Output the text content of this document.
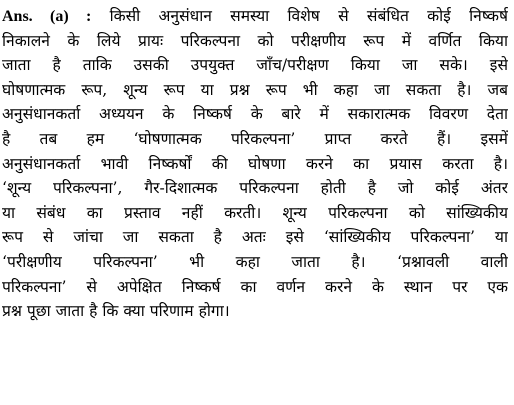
Ans. (a) : किसी अनुसंधान समस्या विशेष से संबंधित कोई निष्कर्ष
निकालने के लिये प्रायः परिकल्पना को परीक्षणीय रूप में वर्णित किया
जाता है ताकि उसकी उपयुक्त जाँच/परीक्षण किया जा सके। इसे
घोषणात्मक रूप, शून्य रूप या प्रश्न रूप भी कहा जा सकता है। जब
अनुसंधानकर्ता अध्ययन के निष्कर्ष के बारे में सकारात्मक विवरण देता
है तब हम ‘घोषणात्मक परिकल्पना’ प्राप्त करते हैं। इसमें
अनुसंधानकर्ता भावी निष्कर्षों की घोषणा करने का प्रयास करता है।
‘शून्य परिकल्पना’, गैर-दिशात्मक परिकल्पना होती है जो कोई अंतर
या संबंध का प्रस्ताव नहीं करती। शून्य परिकल्पना को सांख्यिकीय
रूप से जांचा जा सकता है अतः इसे ‘सांख्यिकीय परिकल्पना’ या
‘परीक्षणीय परिकल्पना’ भी कहा जाता है। ‘प्रश्नावली वाली
परिकल्पना’ से अपेक्षित निष्कर्ष का वर्णन करने के स्थान पर एक
प्रश्न पूछा जाता है कि क्या परिणाम होगा।
